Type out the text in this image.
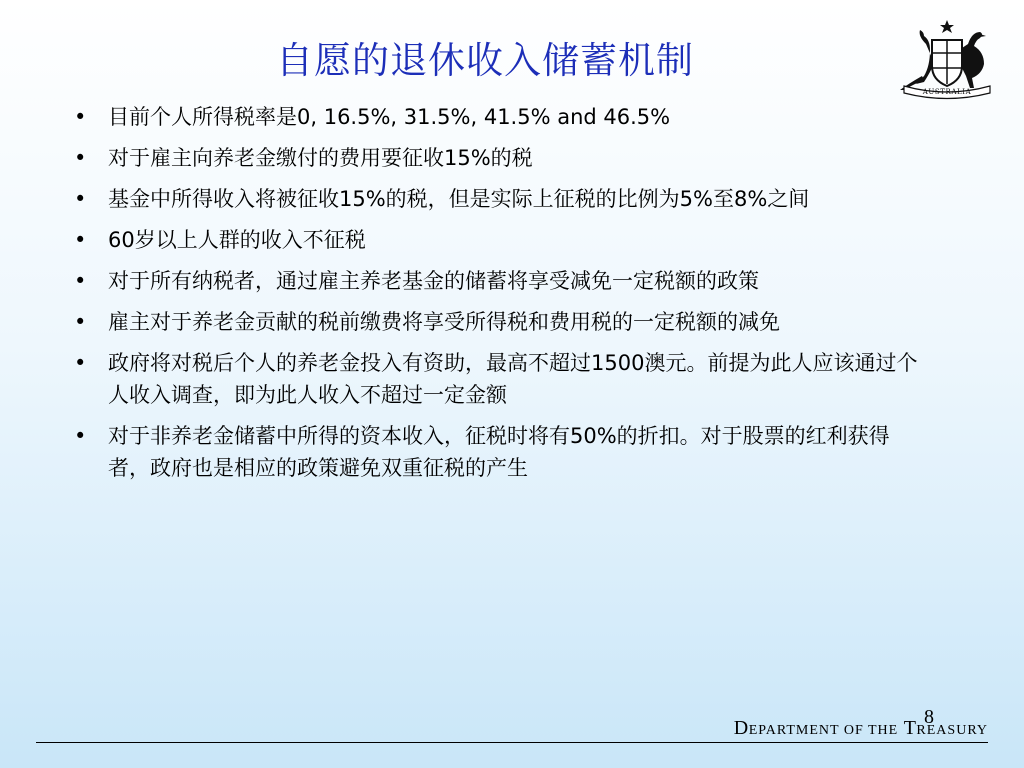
自愿的退休收入储蓄机制
AUSTRALIA
• 目前个人所得税率是0, 16.5%, 31.5%, 41.5% and 46.5%
• 对于雇主向养老金缴付的费用要征收15%的税
• 基金中所得收入将被征收15%的税，但是实际上征税的比例为5%至8%之间
• 60岁以上人群的收入不征税
• 对于所有纳税者，通过雇主养老基金的储蓄将享受减免一定税额的政策
• 雇主对于养老金贡献的税前缴费将享受所得税和费用税的一定税额的减免
• 政府将对税后个人的养老金投入有资助，最高不超过1500澳元。前提为此人应该通过个人收入调查，即为此人收入不超过一定金额
• 对于非养老金储蓄中所得的资本收入，征税时将有50%的折扣。对于股票的红利获得者，政府也是相应的政策避免双重征税的产生
8
DEPARTMENT OF THE TREASURY
